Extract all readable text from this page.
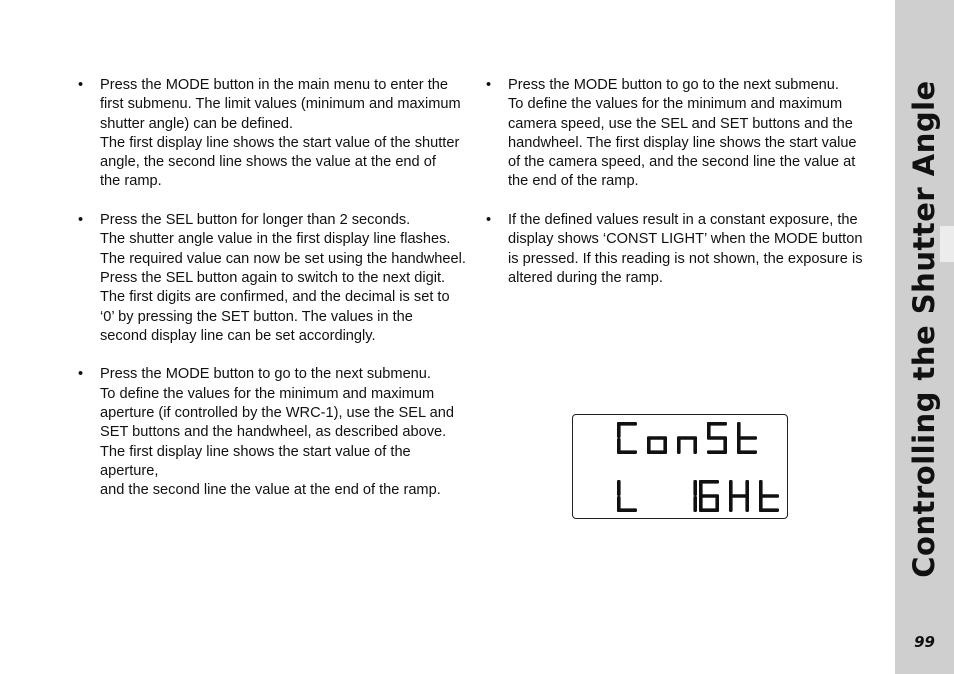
•	Press the MODE button in the main menu to enter the
first submenu. The limit values (minimum and maximum
shutter angle) can be defined.
The first display line shows the start value of the shutter
angle, the second line shows the value at the end of
the ramp.
•	Press the SEL button for longer than 2 seconds.
The shutter angle value in the first display line flashes.
The required value can now be set using the handwheel.
Press the SEL button again to switch to the next digit.
The first digits are confirmed, and the decimal is set to
‘0’ by pressing the SET button. The values in the
second display line can be set accordingly.
•	Press the MODE button to go to the next submenu.
To define the values for the minimum and maximum
aperture (if controlled by the WRC-1), use the SEL and
SET buttons and the handwheel, as described above.
The first display line shows the start value of the aperture,
and the second line the value at the end of the ramp.
•	Press the MODE button to go to the next submenu.
To define the values for the minimum and maximum
camera speed, use the SEL and SET buttons and the
handwheel. The first display line shows the start value
of the camera speed, and the second line the value at
the end of the ramp.
•	If the defined values result in a constant exposure, the
display shows ‘CONST LIGHT’ when the MODE button
is pressed. If this reading is not shown, the exposure is
altered during the ramp.	Controlling the Shutter Angle
99
